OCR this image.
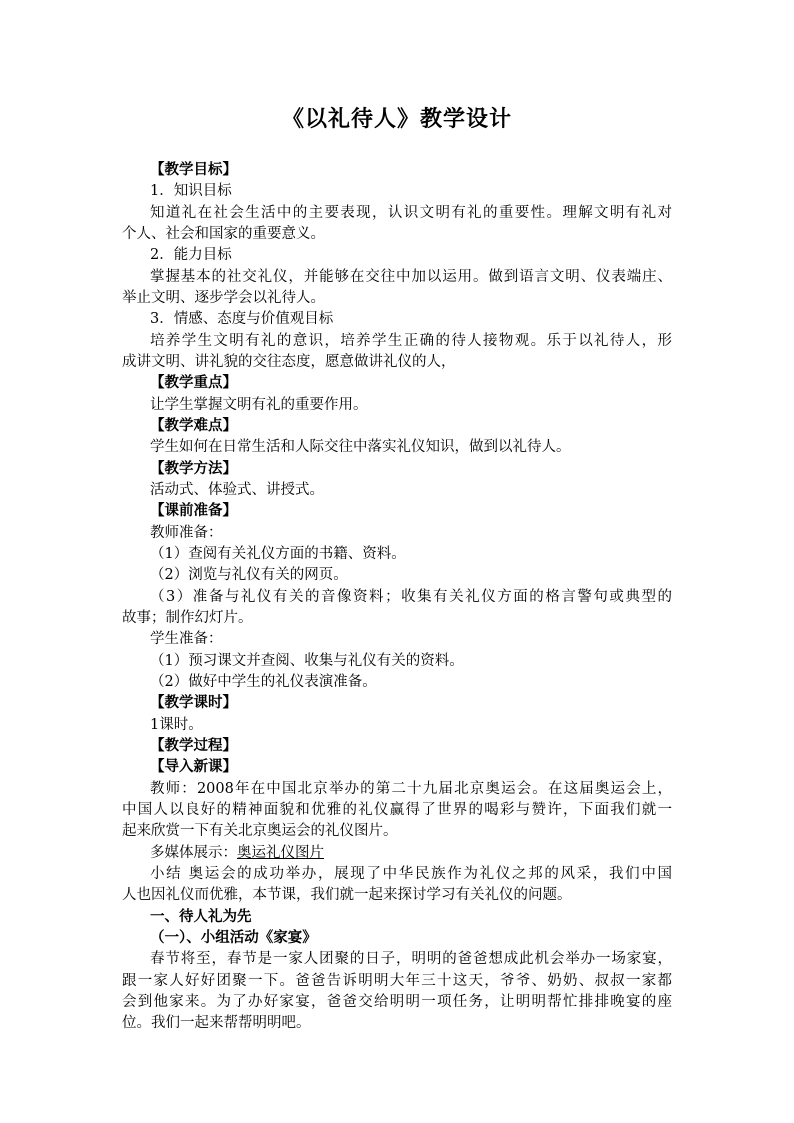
《以礼待人》教学设计
【教学目标】
1．知识目标
知道礼在社会生活中的主要表现，认识文明有礼的重要性。理解文明有礼对
个人、社会和国家的重要意义。
2．能力目标
掌握基本的社交礼仪，并能够在交往中加以运用。做到语言文明、仪表端庄、
举止文明、逐步学会以礼待人。
3．情感、态度与价值观目标
培养学生文明有礼的意识，培养学生正确的待人接物观。乐于以礼待人，形
成讲文明、讲礼貌的交往态度，愿意做讲礼仪的人，
【教学重点】
让学生掌握文明有礼的重要作用。
【教学难点】
学生如何在日常生活和人际交往中落实礼仪知识，做到以礼待人。
【教学方法】
活动式、体验式、讲授式。
【课前准备】
教师准备：
（1）查阅有关礼仪方面的书籍、资料。
（2）浏览与礼仪有关的网页。
（3）准备与礼仪有关的音像资料；收集有关礼仪方面的格言警句或典型的
故事；制作幻灯片。
学生准备：
（1）预习课文并查阅、收集与礼仪有关的资料。
（2）做好中学生的礼仪表演准备。
【教学课时】
1课时。
【教学过程】
【导入新课】
教师：2008年在中国北京举办的第二十九届北京奥运会。在这届奥运会上，
中国人以良好的精神面貌和优雅的礼仪赢得了世界的喝彩与赞许，下面我们就一
起来欣赏一下有关北京奥运会的礼仪图片。
多媒体展示：奥运礼仪图片
小结 奥运会的成功举办，展现了中华民族作为礼仪之邦的风采，我们中国
人也因礼仪而优雅，本节课，我们就一起来探讨学习有关礼仪的问题。
一、待人礼为先
（一）、小组活动《家宴》
春节将至，春节是一家人团聚的日子，明明的爸爸想成此机会举办一场家宴，
跟一家人好好团聚一下。爸爸告诉明明大年三十这天，爷爷、奶奶、叔叔一家都
会到他家来。为了办好家宴，爸爸交给明明一项任务，让明明帮忙排排晚宴的座
位。我们一起来帮帮明明吧。
